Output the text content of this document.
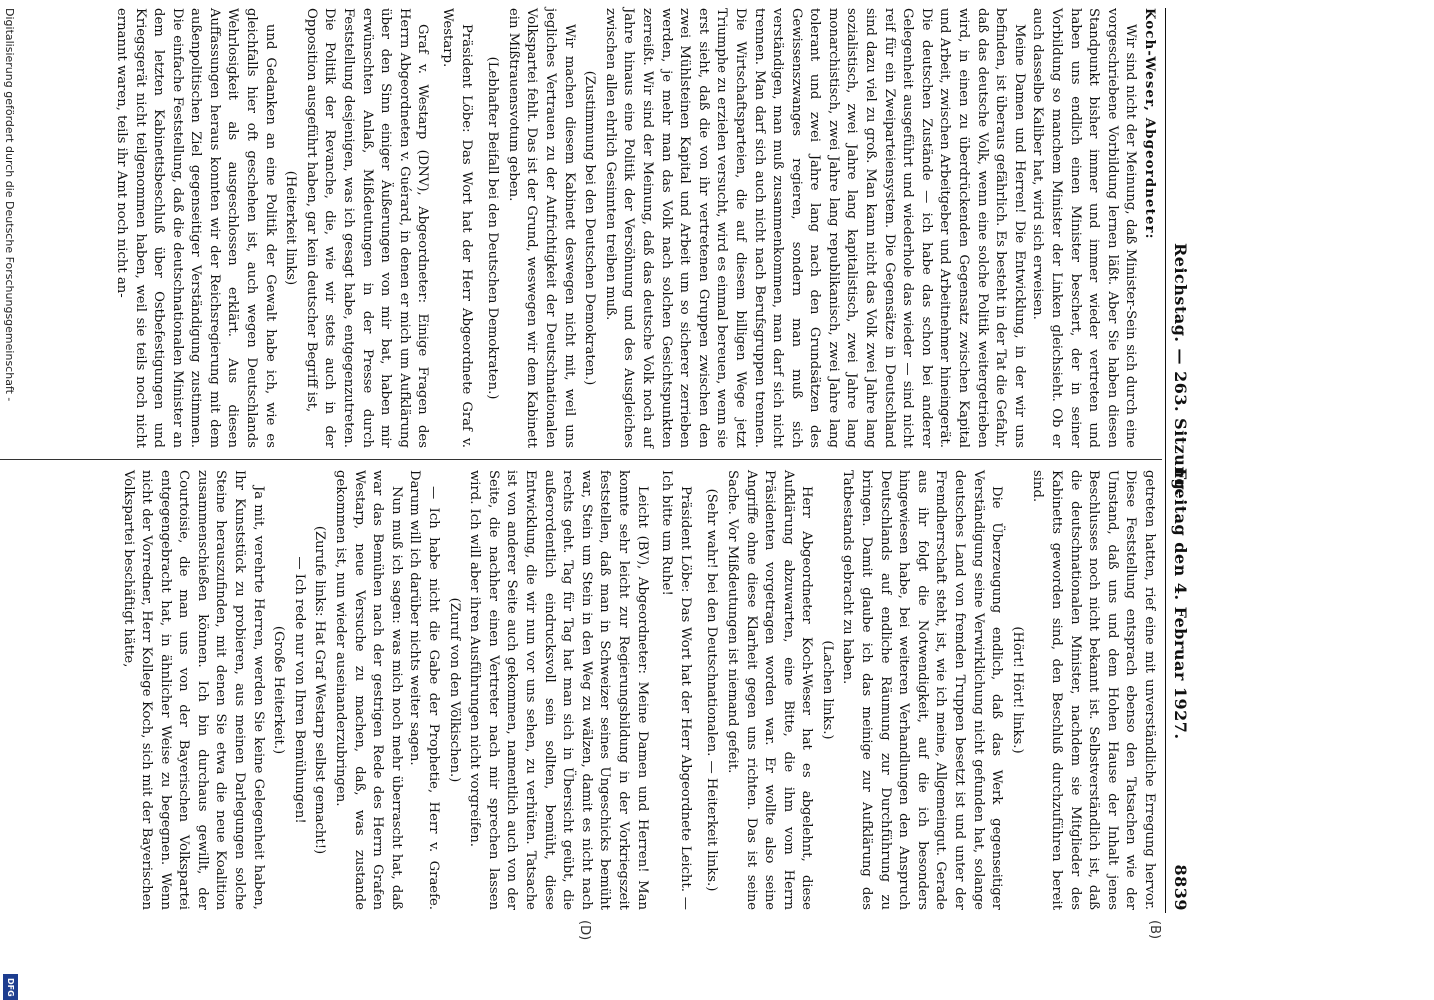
Digitalisierung gefördert durch die Deutsche Forschungsgemeinschaft -
DFG
Reichstag. — 263. Sitzung.
Freitag den 4. Februar 1927.
8839
(B)
(D)

Koch-Weser, Abgeordneter:

Wir sind nicht der Meinung, daß Minister-Sein sich durch eine vorgeschriebene Vorbildung lernen läßt. Aber Sie haben diesen Standpunkt bisher immer und immer wieder vertreten und haben uns endlich einen Minister beschert, der in seiner Vorbildung so manchem Minister der Linken gleichsieht. Ob er auch dasselbe Kaliber hat, wird sich erweisen.

Meine Damen und Herren! Die Entwicklung, in der wir uns befinden, ist überaus gefährlich. Es besteht in der Tat die Gefahr, daß das deutsche Volk, wenn eine solche Politik weitergetrieben wird, in einen zu überdrückenden Gegensatz zwischen Kapital und Arbeit, zwischen Arbeitgeber und Arbeitnehmer hineingerät. Die deutschen Zustände — ich habe das schon bei anderer Gelegenheit ausgeführt und wiederhole das wieder — sind nicht reif für ein Zweiparteiensystem. Die Gegensätze in Deutschland sind dazu viel zu groß. Man kann nicht das Volk zwei Jahre lang sozialistisch, zwei Jahre lang kapitalistisch, zwei Jahre lang monarchistisch, zwei Jahre lang republikanisch, zwei Jahre lang tolerant und zwei Jahre lang nach den Grundsätzen des Gewissenszwanges regieren, sondern man muß sich verständigen, man muß zusammenkommen, man darf sich nicht trennen. Man darf sich auch nicht nach Berufsgruppen trennen. Die Wirtschaftsparteien, die auf diesem billigen Wege jetzt Triumphe zu erzielen versucht, wird es einmal bereuen, wenn sie erst sieht, daß die von ihr vertretenen Gruppen zwischen den zwei Mühlsteinen Kapital und Arbeit um so sicherer zerrieben werden, je mehr man das Volk nach solchen Gesichtspunkten zerreißt. Wir sind der Meinung, daß das deutsche Volk noch auf Jahre hinaus eine Politik der Versöhnung und des Ausgleiches zwischen allen ehrlich Gesinnten treiben muß.

(Zustimmung bei den Deutschen Demokraten.)

Wir machen diesem Kabinett deswegen nicht mit, weil uns jegliches Vertrauen zu der Aufrichtigkeit der Deutschnationalen Volkspartei fehlt. Das ist der Grund, weswegen wir dem Kabinett ein Mißtrauensvotum geben.

(Lebhafter Beifall bei den Deutschen Demokraten.)

Präsident Löbe: Das Wort hat der Herr Abgeordnete Graf v. Westarp.

Graf v. Westarp (DNV), Abgeordneter: Einige Fragen des Herrn Abgeordneten v. Guérard, in denen er mich um Aufklärung über den Sinn einiger Äußerungen von mir bat, haben mir erwünschten Anlaß, Mißdeutungen in der Presse durch Feststellung desjenigen, was ich gesagt habe, entgegenzutreten. Die Politik der Revanche, die, wie wir stets auch in der Opposition ausgeführt haben, gar kein deutscher Begriff ist,

(Heiterkeit links)

und Gedanken an eine Politik der Gewalt habe ich, wie es gleichfalls hier oft geschehen ist, auch wegen Deutschlands Wehrlosigkeit als ausgeschlossen erklärt. Aus diesen Auffassungen heraus konnten wir der Reichsregierung mit dem außenpolitischen Ziel gegenseitiger Verständigung zustimmen. Die einfache Feststellung, daß die deutschnationalen Minister an dem letzten Kabinettsbeschluß über Ostbefestigungen und Kriegsgerät nicht teilgenommen haben, weil sie teils noch nicht ernannt waren, teils ihr Amt noch nicht an-

getreten hatten, rief eine mit unverständliche Erregung hervor. Diese Feststellung entsprach ebenso den Tatsachen wie der Umstand, daß uns und dem Hohen Hause der Inhalt jenes Beschlusses noch nicht bekannt ist. Selbstverständlich ist, daß die deutschnationalen Minister, nachdem sie Mitglieder des Kabinetts geworden sind, den Beschluß durchzuführen bereit sind.

(Hört! Hört! links.)

Die Überzeugung endlich, daß das Werk gegenseitiger Verständigung seine Verwirklichung nicht gefunden hat, solange deutsches Land von fremden Truppen besetzt ist und unter der Fremdherrschaft steht, ist, wie ich meine, Allgemeingut. Gerade aus ihr folgt die Notwendigkeit, auf die ich besonders hingewiesen habe, bei weiteren Verhandlungen den Anspruch Deutschlands auf endliche Räumung zur Durchführung zu bringen. Damit glaube ich das meinige zur Aufklärung des Tatbestands gebracht zu haben.

(Lachen links.)

Herr Abgeordneter Koch-Weser hat es abgelehnt, diese Aufklärung abzuwarten, eine Bitte, die ihm vom Herrn Präsidenten vorgetragen worden war. Er wollte also seine Angriffe ohne diese Klarheit gegen uns richten. Das ist seine Sache. Vor Mißdeutungen ist niemand gefeit.

(Sehr wahr! bei den Deutschnationalen. — Heiterkeit links.)

Präsident Löbe: Das Wort hat der Herr Abgeordnete Leicht. — Ich bitte um Ruhe!

Leicht (BV), Abgeordneter: Meine Damen und Herren! Man konnte sehr leicht zur Regierungsbildung in der Vorkriegszeit feststellen, daß man in Schweizer seines Ungeschicks bemüht war, Stein um Stein in den Weg zu wälzen, damit es nicht nach rechts geht. Tag für Tag hat man sich in Übersicht geübt, die außerordentlich eindrucksvoll sein sollten, bemüht, diese Entwicklung, die wir nun vor uns sehen, zu verhüten. Tatsache ist von anderer Seite auch gekommen, namentlich auch von der Seite, die nachher einen Vertreter nach mir sprechen lassen wird. Ich will aber ihren Ausführungen nicht vorgreifen.

(Zuruf von den Völkischen.)

— Ich habe nicht die Gabe der Prophetie, Herr v. Graefe. Darum will ich darüber nichts weiter sagen.

Nun muß ich sagen: was mich noch mehr überrascht hat, daß war das Bemühen nach der gestrigen Rede des Herrn Grafen Westarp, neue Versuche zu machen, daß, was zustande gekommen ist, nun wieder auseinanderzubringen.

(Zurufe links: Hat Graf Westarp selbst gemacht!)

— Ich rede nur von Ihren Bemühungen!

(Große Heiterkeit.)

Ja mit, verehrte Herren, werden Sie keine Gelegenheit haben, Ihr Kunststück zu probieren, aus meinen Darlegungen solche Steine herauszufinden, mit denen Sie etwa die neue Koalition zusammenschießen können. Ich bin durchaus gewillt, der Courtoisie, die man uns von der Bayerischen Volkspartei entgegengebracht hat, in ähnlicher Weise zu begegnen. Wenn nicht der Vorredner, Herr Kollege Koch, sich mit der Bayerischen Volkspartei beschäftigt hätte,
